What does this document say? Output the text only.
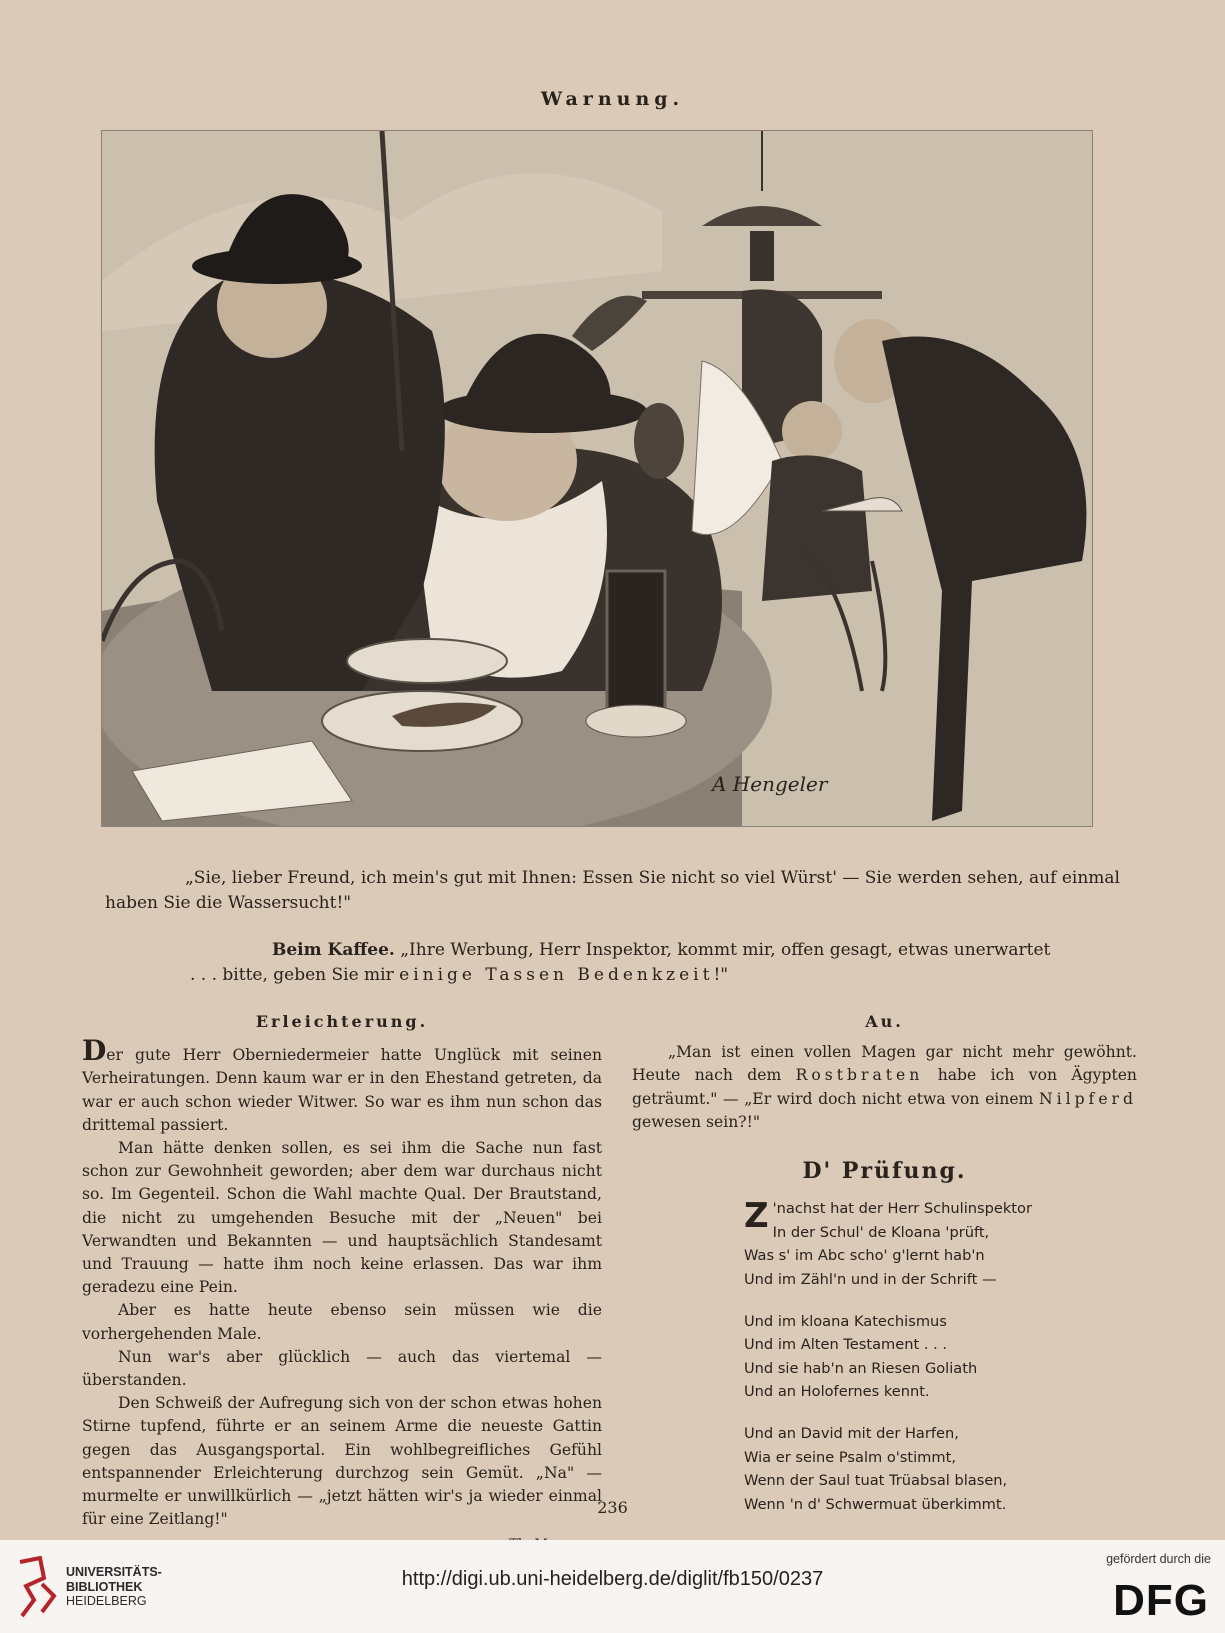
Warnung.
A Hengeler
„Sie, lieber Freund, ich mein's gut mit Ihnen: Essen Sie nicht so viel Würst' — Sie werden sehen, auf einmal haben Sie die Wassersucht!"
Beim Kaffee. „Ihre Werbung, Herr Inspektor, kommt mir, offen gesagt, etwas unerwartet . . . bitte, geben Sie mir einige Tassen Bedenkzeit!"
Erleichterung.

Der gute Herr Oberniedermeier hatte Unglück mit seinen Verheiratungen. Denn kaum war er in den Ehestand getreten, da war er auch schon wieder Witwer. So war es ihm nun schon das drittemal passiert.

Man hätte denken sollen, es sei ihm die Sache nun fast schon zur Gewohnheit geworden; aber dem war durchaus nicht so. Im Gegenteil. Schon die Wahl machte Qual. Der Brautstand, die nicht zu umgehenden Besuche mit der „Neuen" bei Verwandten und Bekannten — und hauptsächlich Standesamt und Trauung — hatte ihm noch keine erlassen. Das war ihm geradezu eine Pein.

Aber es hatte heute ebenso sein müssen wie die vorhergehenden Male.

Nun war's aber glücklich — auch das viertemal — überstanden.

Den Schweiß der Aufregung sich von der schon etwas hohen Stirne tupfend, führte er an seinem Arme die neueste Gattin gegen das Ausgangsportal. Ein wohlbegreifliches Gefühl entspannender Erleichterung durchzog sein Gemüt. „Na" — murmelte er unwillkürlich — „jetzt hätten wir's ja wieder einmal für eine Zeitlang!"

Au.

„Man ist einen vollen Magen gar nicht mehr gewöhnt. Heute nach dem Rostbraten habe ich von Ägypten geträumt." — „Er wird doch nicht etwa von einem Nilpferd gewesen sein?!"

D' Prüfung.
Z 'nachst hat der Herr Schulinspektor
In der Schul' de Kloana 'prüft,
Was s' im Abc scho' g'lernt hab'n
Und im Zähl'n und in der Schrift —
Und im kloana Katechismus
Und im Alten Testament . . .
Und sie hab'n an Riesen Goliath
Und an Holofernes kennt.
Und an David mit der Harfen,
Wia er seine Psalm o'stimmt,
Wenn der Saul tuat Trüabsal blasen,
Wenn 'n d' Schwermuat überkimmt.
236
UNIVERSITÄTS-
BIBLIOTHEK
HEIDELBERG
http://digi.ub.uni-heidelberg.de/diglit/fb150/0237
gefördert durch die
DFG
